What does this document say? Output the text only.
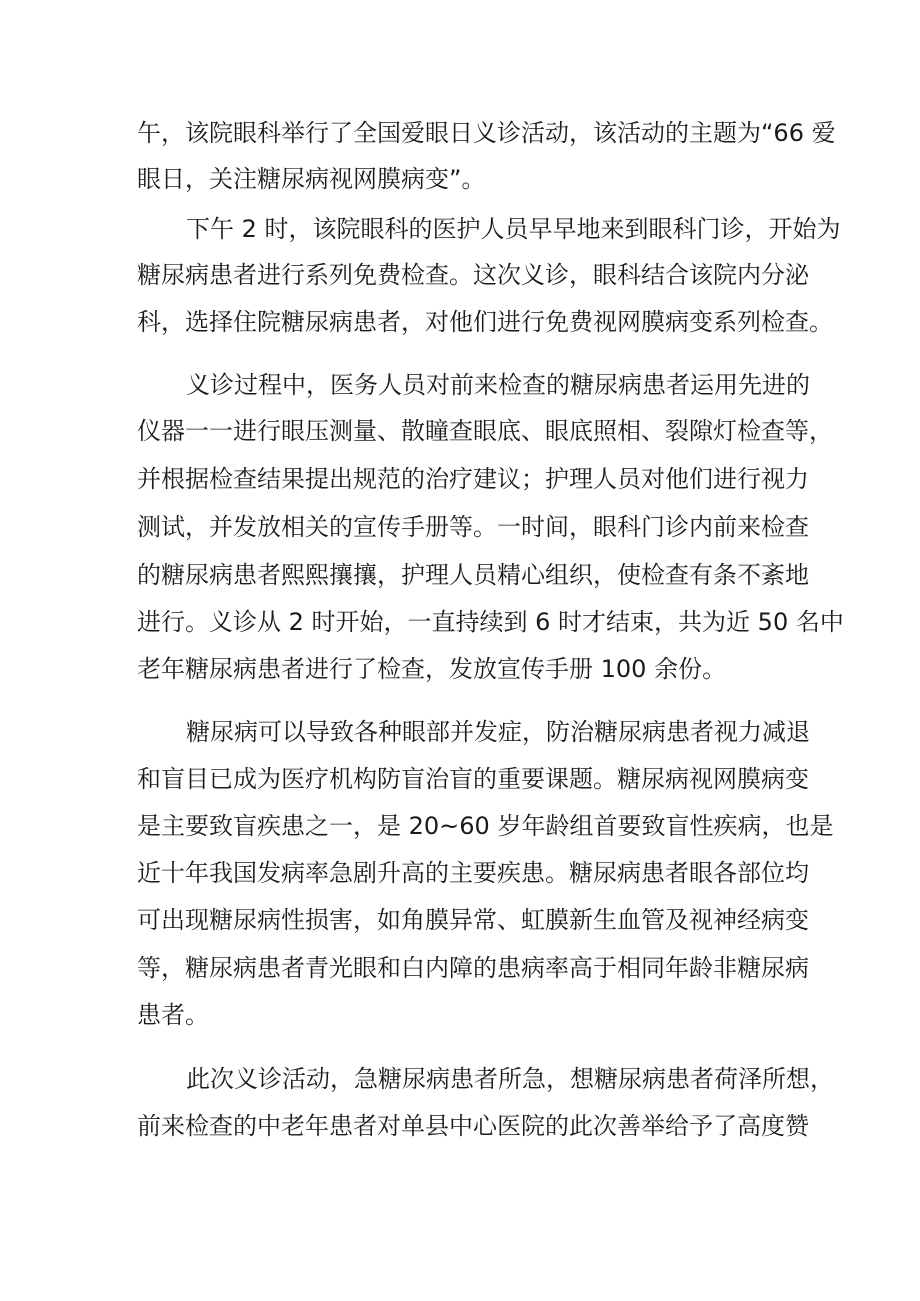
午，该院眼科举行了全国爱眼日义诊活动，该活动的主题为“66 爱

眼日，关注糖尿病视网膜病变”。

下午 2 时，该院眼科的医护人员早早地来到眼科门诊，开始为

糖尿病患者进行系列免费检查。这次义诊，眼科结合该院内分泌

科，选择住院糖尿病患者，对他们进行免费视网膜病变系列检查。

义诊过程中，医务人员对前来检查的糖尿病患者运用先进的

仪器一一进行眼压测量、散瞳查眼底、眼底照相、裂隙灯检查等，

并根据检查结果提出规范的治疗建议；护理人员对他们进行视力

测试，并发放相关的宣传手册等。一时间，眼科门诊内前来检查

的糖尿病患者熙熙攘攘，护理人员精心组织，使检查有条不紊地

进行。义诊从 2 时开始，一直持续到 6 时才结束，共为近 50 名中

老年糖尿病患者进行了检查，发放宣传手册 100 余份。

糖尿病可以导致各种眼部并发症，防治糖尿病患者视力减退

和盲目已成为医疗机构防盲治盲的重要课题。糖尿病视网膜病变

是主要致盲疾患之一，是 20~60 岁年龄组首要致盲性疾病，也是

近十年我国发病率急剧升高的主要疾患。糖尿病患者眼各部位均

可出现糖尿病性损害，如角膜异常、虹膜新生血管及视神经病变

等，糖尿病患者青光眼和白内障的患病率高于相同年龄非糖尿病

患者。

此次义诊活动，急糖尿病患者所急，想糖尿病患者荷泽所想，

前来检查的中老年患者对单县中心医院的此次善举给予了高度赞
